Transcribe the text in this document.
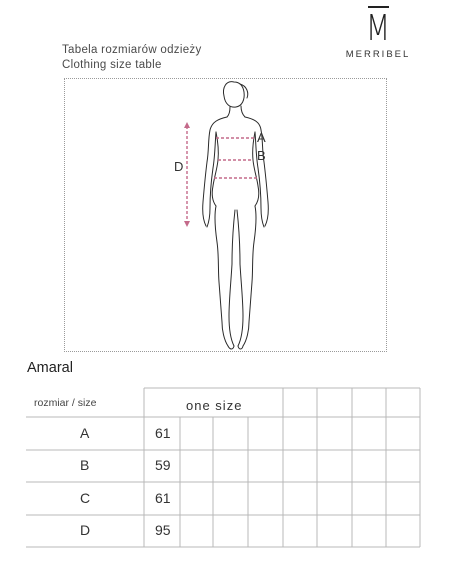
Tabela rozmiarów odzieży
Clothing size table
M
MERRIBEL
A
B
D
Amaral
rozmiar / size	one size
A	61
B	59
C	61
D	95
